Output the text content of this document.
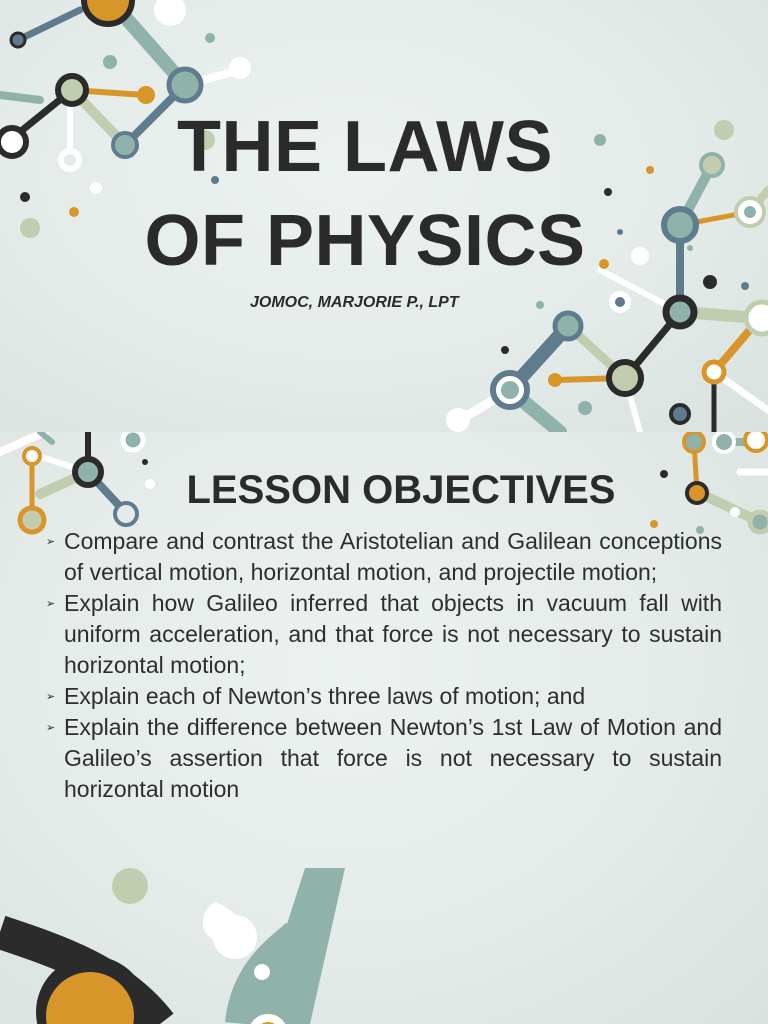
THE LAWS
OF PHYSICS

JOMOC, MARJORIE P., LPT

LESSON OBJECTIVES
➢ Compare and contrast the Aristotelian and Galilean conceptions of vertical motion, horizontal motion, and projectile motion;
➢ Explain how Galileo inferred that objects in vacuum fall with uniform acceleration, and that force is not necessary to sustain horizontal motion;
➢ Explain each of Newton’s three laws of motion; and
➢ Explain the difference between Newton’s 1st Law of Motion and Galileo’s assertion that force is not necessary to sustain horizontal motion
